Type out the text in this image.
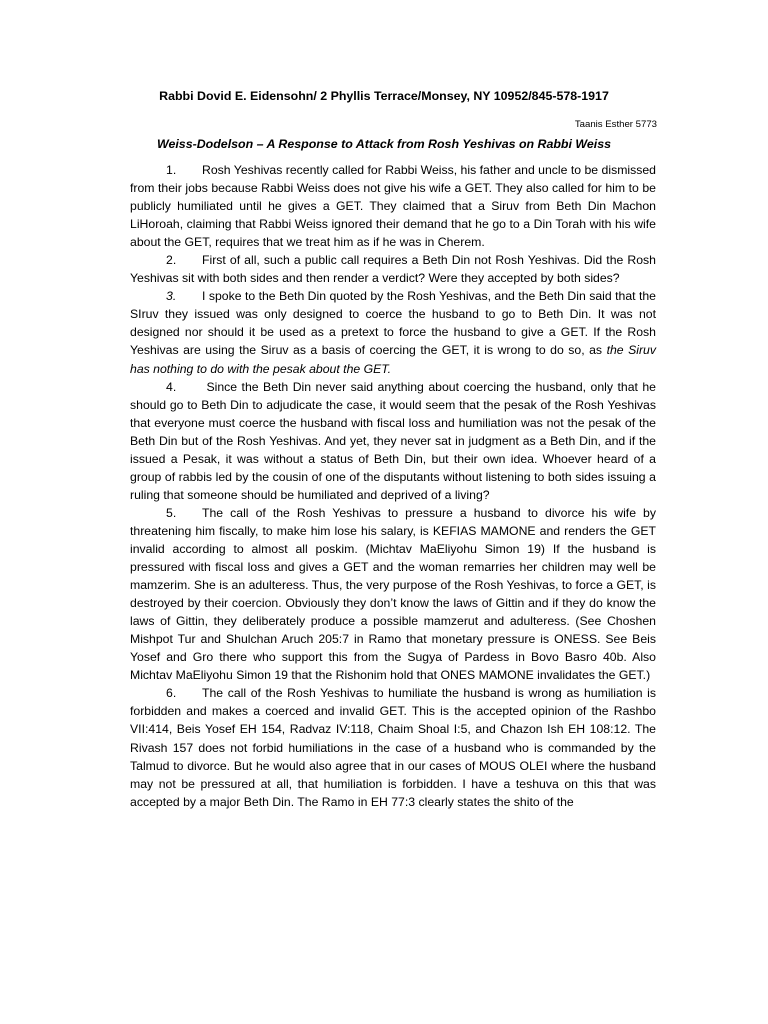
Rabbi Dovid E. Eidensohn/ 2 Phyllis Terrace/Monsey, NY 10952/845-578-1917
Taanis Esther 5773
Weiss-Dodelson – A Response to Attack from Rosh Yeshivas on Rabbi Weiss

1. Rosh Yeshivas recently called for Rabbi Weiss, his father and uncle to be dismissed from their jobs because Rabbi Weiss does not give his wife a GET. They also called for him to be publicly humiliated until he gives a GET. They claimed that a Siruv from Beth Din Machon LiHoroah, claiming that Rabbi Weiss ignored their demand that he go to a Din Torah with his wife about the GET, requires that we treat him as if he was in Cherem.

2. First of all, such a public call requires a Beth Din not Rosh Yeshivas. Did the Rosh Yeshivas sit with both sides and then render a verdict? Were they accepted by both sides?

3. I spoke to the Beth Din quoted by the Rosh Yeshivas, and the Beth Din said that the SIruv they issued was only designed to coerce the husband to go to Beth Din. It was not designed nor should it be used as a pretext to force the husband to give a GET. If the Rosh Yeshivas are using the Siruv as a basis of coercing the GET, it is wrong to do so, as the Siruv has nothing to do with the pesak about the GET.

4. Since the Beth Din never said anything about coercing the husband, only that he should go to Beth Din to adjudicate the case, it would seem that the pesak of the Rosh Yeshivas that everyone must coerce the husband with fiscal loss and humiliation was not the pesak of the Beth Din but of the Rosh Yeshivas. And yet, they never sat in judgment as a Beth Din, and if the issued a Pesak, it was without a status of Beth Din, but their own idea. Whoever heard of a group of rabbis led by the cousin of one of the disputants without listening to both sides issuing a ruling that someone should be humiliated and deprived of a living?

5. The call of the Rosh Yeshivas to pressure a husband to divorce his wife by threatening him fiscally, to make him lose his salary, is KEFIAS MAMONE and renders the GET invalid according to almost all poskim. (Michtav MaEliyohu Simon 19) If the husband is pressured with fiscal loss and gives a GET and the woman remarries her children may well be mamzerim. She is an adulteress. Thus, the very purpose of the Rosh Yeshivas, to force a GET, is destroyed by their coercion. Obviously they don’t know the laws of Gittin and if they do know the laws of Gittin, they deliberately produce a possible mamzerut and adulteress. (See Choshen Mishpot Tur and Shulchan Aruch 205:7 in Ramo that monetary pressure is ONESS. See Beis Yosef and Gro there who support this from the Sugya of Pardess in Bovo Basro 40b. Also Michtav MaEliyohu Simon 19 that the Rishonim hold that ONES MAMONE invalidates the GET.)

6. The call of the Rosh Yeshivas to humiliate the husband is wrong as humiliation is forbidden and makes a coerced and invalid GET. This is the accepted opinion of the Rashbo VII:414, Beis Yosef EH 154, Radvaz IV:118, Chaim Shoal I:5, and Chazon Ish EH 108:12. The Rivash 157 does not forbid humiliations in the case of a husband who is commanded by the Talmud to divorce. But he would also agree that in our cases of MOUS OLEI where the husband may not be pressured at all, that humiliation is forbidden. I have a teshuva on this that was accepted by a major Beth Din. The Ramo in EH 77:3 clearly states the shito of the
